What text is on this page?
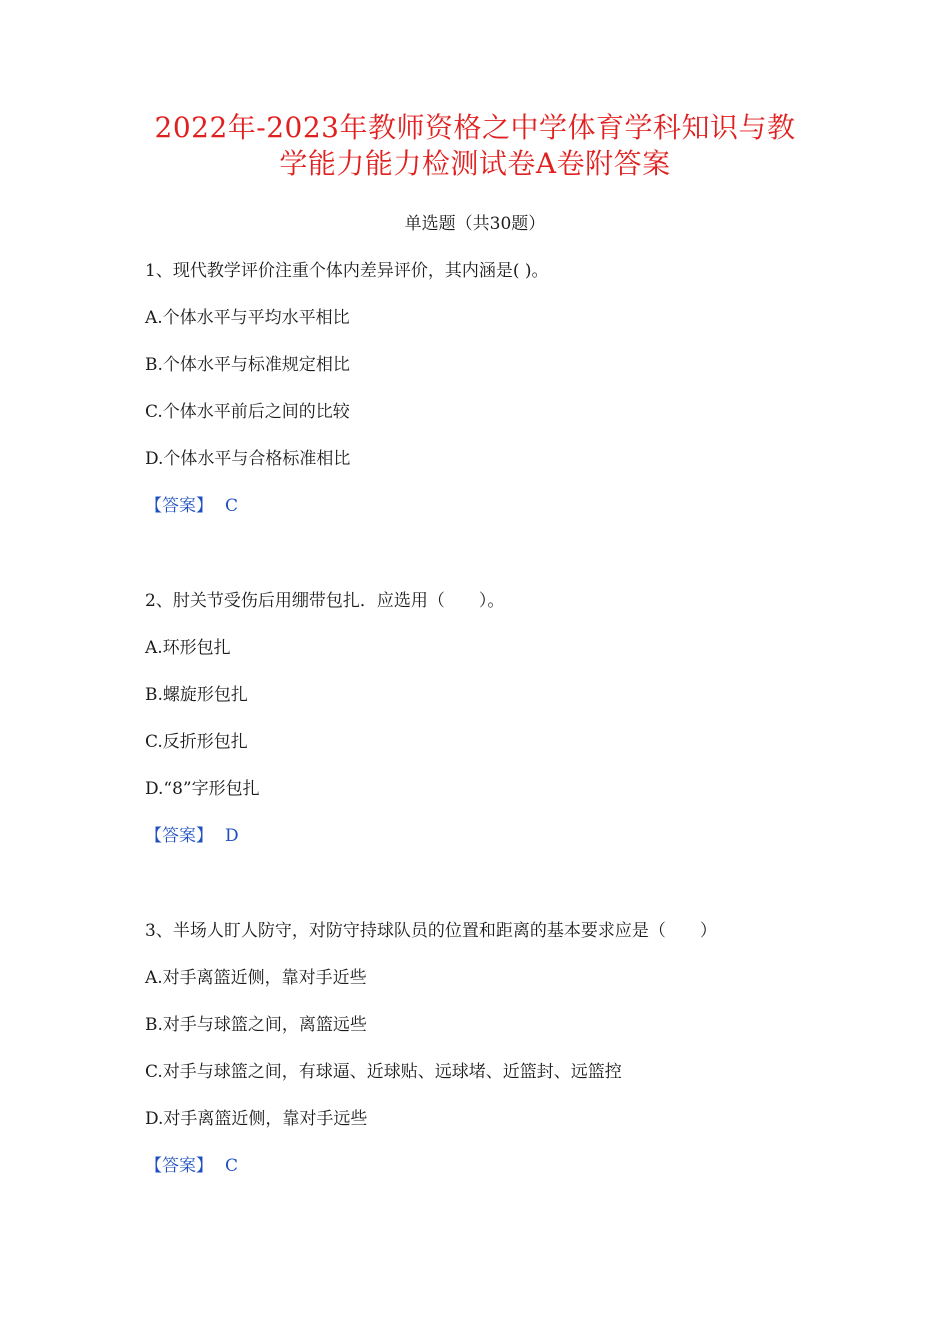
2022年-2023年教师资格之中学体育学科知识与教
学能力能力检测试卷A卷附答案
单选题（共30题）
1、现代教学评价注重个体内差异评价，其内涵是( )。
A.个体水平与平均水平相比
B.个体水平与标准规定相比
C.个体水平前后之间的比较
D.个体水平与合格标准相比
【答案】 C
2、肘关节受伤后用绷带包扎．应选用（　　）。
A.环形包扎
B.螺旋形包扎
C.反折形包扎
D.“8”字形包扎
【答案】 D
3、半场人盯人防守，对防守持球队员的位置和距离的基本要求应是（　　）
A.对手离篮近侧，靠对手近些
B.对手与球篮之间，离篮远些
C.对手与球篮之间，有球逼、近球贴、远球堵、近篮封、远篮控
D.对手离篮近侧，靠对手远些
【答案】 C
